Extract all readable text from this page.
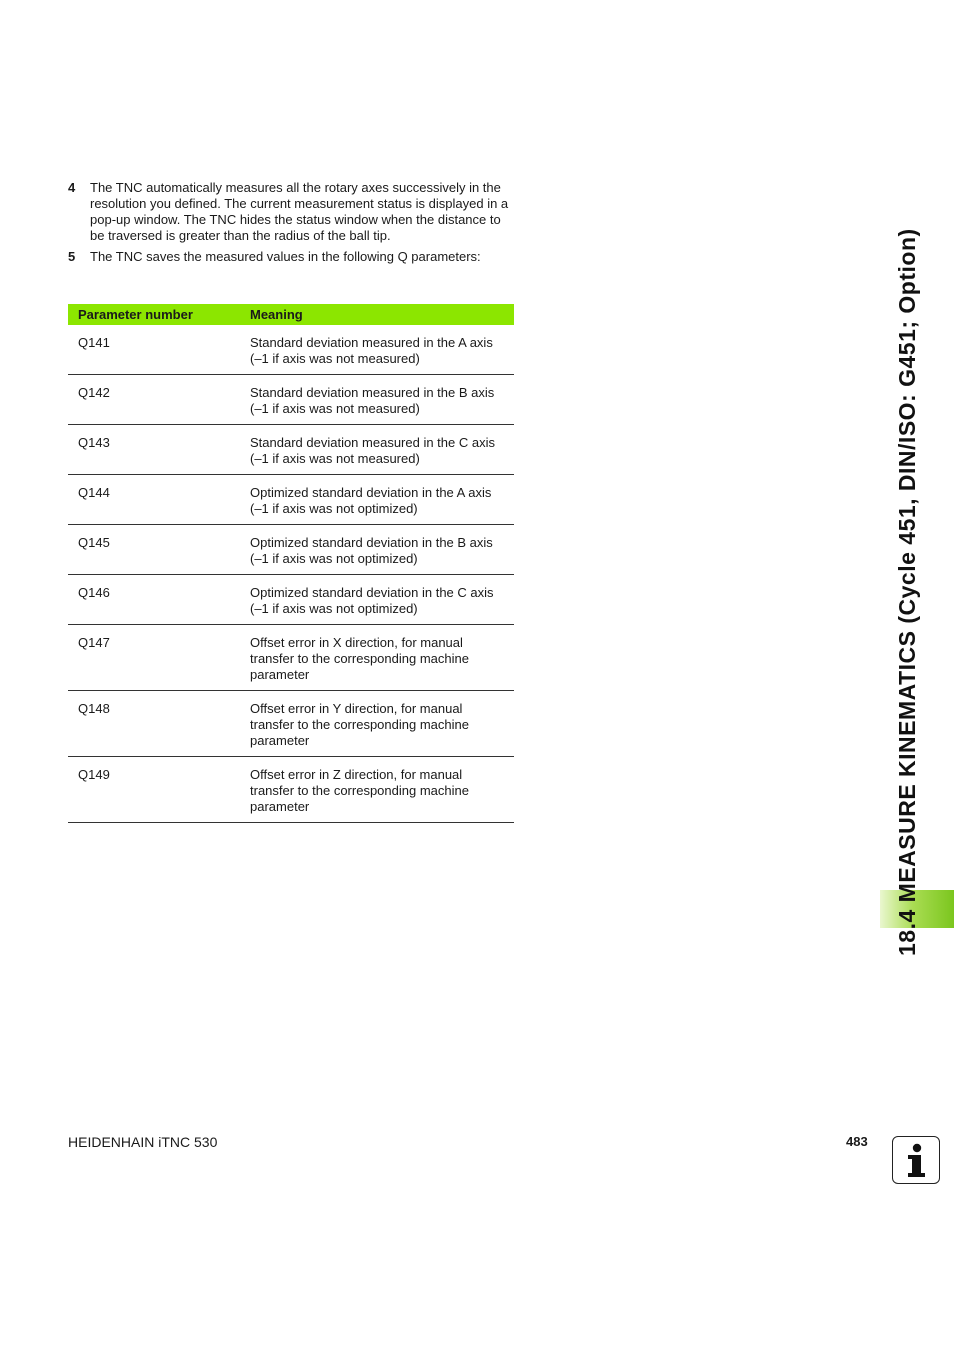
4	The TNC automatically measures all the rotary axes successively in the resolution you defined. The current measurement status is displayed in a pop-up window. The TNC hides the status window when the distance to be traversed is greater than the radius of the ball tip.
5	The TNC saves the measured values in the following Q parameters:
Parameter number	Meaning
Q141	Standard deviation measured in the A axis
(–1 if axis was not measured)

Q142	Standard deviation measured in the B axis
(–1 if axis was not measured)

Q143	Standard deviation measured in the C axis
(–1 if axis was not measured)

Q144	Optimized standard deviation in the A axis
(–1 if axis was not optimized)

Q145	Optimized standard deviation in the B axis
(–1 if axis was not optimized)

Q146	Optimized standard deviation in the C axis
(–1 if axis was not optimized)

Q147	Offset error in X direction, for manual
transfer to the corresponding machine
parameter

Q148	Offset error in Y direction, for manual
transfer to the corresponding machine
parameter

Q149	Offset error in Z direction, for manual
transfer to the corresponding machine
parameter	18.4 MEASURE KINEMATICS (Cycle 451, DIN/ISO: G451; Option)
HEIDENHAIN iTNC 530	483
